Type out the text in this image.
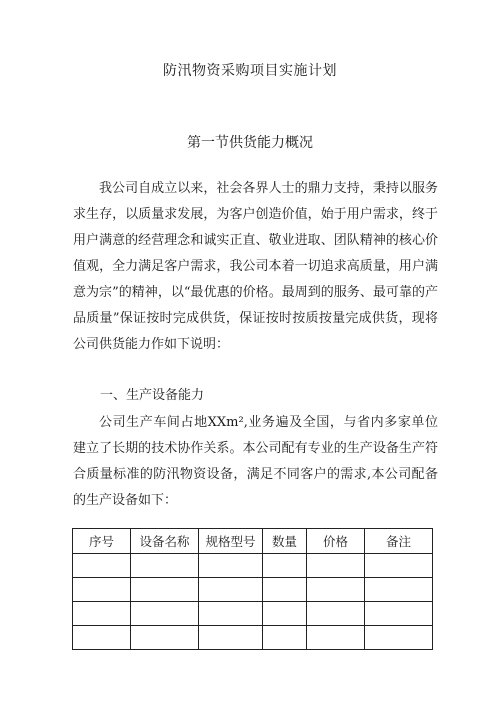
防汛物资采购项目实施计划
第一节供货能力概况

我公司自成立以来，社会各界人士的鼎力支持，秉持以服务求生存，以质量求发展，为客户创造价值，始于用户需求，终于用户满意的经营理念和诚实正直、敬业进取、团队精神的核心价值观，全力满足客户需求，我公司本着一切追求高质量，用户满意为宗”的精神，以“最优惠的价格。最周到的服务、最可靠的产品质量”保证按时完成供货，保证按时按质按量完成供货，现将公司供货能力作如下说明：

一、生产设备能力

公司生产车间占地XXm²,业务遍及全国，与省内多家单位建立了长期的技术协作关系。本公司配有专业的生产设备生产符合质量标准的防汛物资设备，满足不同客户的需求,本公司配备的生产设备如下：

序号	设备名称	规格型号	数量	价格	备注
